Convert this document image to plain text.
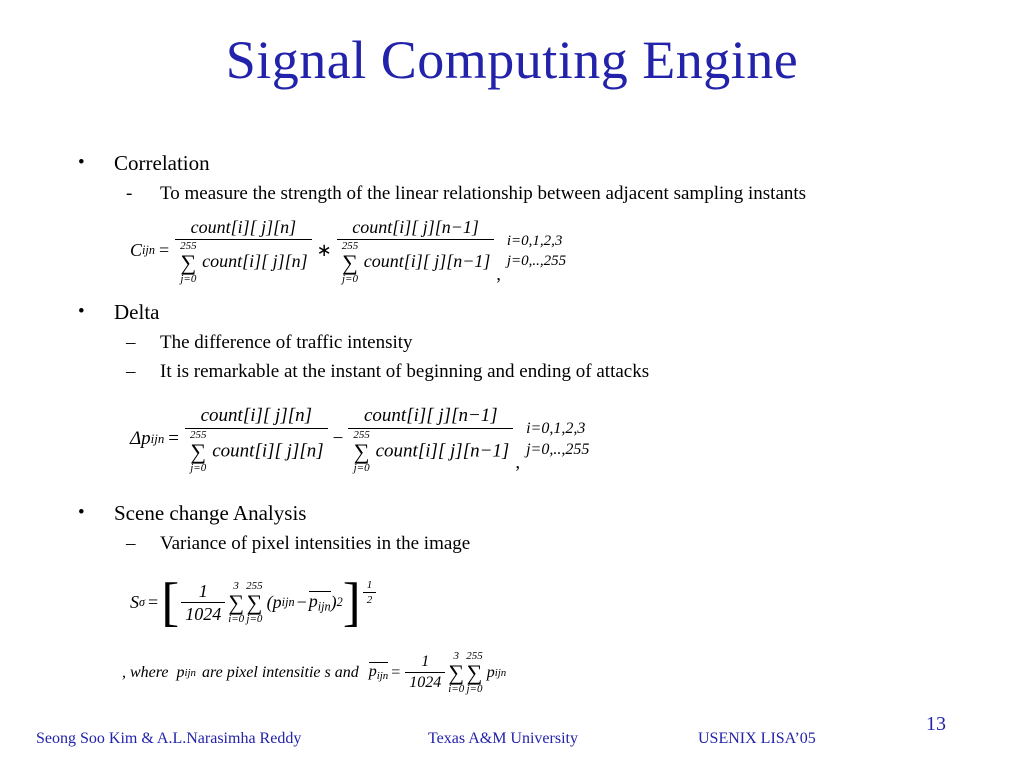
Signal Computing Engine
• Correlation
- To measure the strength of the linear relationship between adjacent sampling instants
C ijn =
count[i][ j][n]
255
∑
j=0
count[i][ j][n]
∗
count[i][ j][n−1]
255
∑
j=0
count[i][ j][n−1]
,
i=0,1,2,3
j=0,..,255
• Delta
– The difference of traffic intensity
– It is remarkable at the instant of beginning and ending of attacks
Δp ijn =
count[i][ j][n]
255
∑
j=0
count[i][ j][n]
−
count[i][ j][n−1]
255
∑
j=0
count[i][ j][n−1]
,
i=0,1,2,3
j=0,..,255
• Scene change Analysis
– Variance of pixel intensities in the image
S σ = [ $\frac{1}{1024} 3$
∑
i=0
255
∑
j=0
( p ijn − $p_{ijn}$ ) 2 ] $\frac{1}{2}$
, where p ijn are pixel intensitie s and $p_{ijn} = \frac{1}{1024} 3$
∑
i=0
255
∑
j=0
p ijn
Seong Soo Kim & A.L.Narasimha Reddy	Texas A&M University	USENIX LISA’05
13
